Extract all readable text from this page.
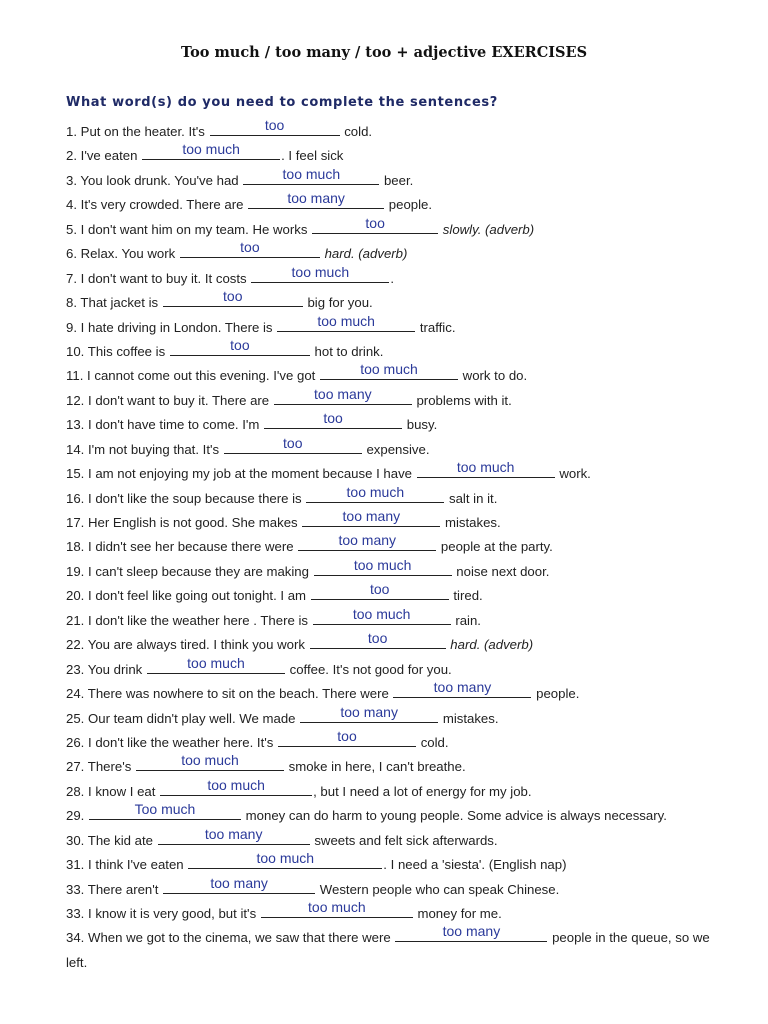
Too much / too many / too + adjective EXERCISES
What word(s) do you need to complete the sentences?
1. Put on the heater. It's	too	cold.
2. I've eaten	too much	. I feel sick
3. You look drunk. You've had	too much	beer.
4. It's very crowded. There are	too many	people.
5. I don't want him on my team. He works	too	slowly. (adverb)
6. Relax. You work	too	hard. (adverb)
7. I don't want to buy it. It costs	too much	.
8. That jacket is	too	big for you.
9. I hate driving in London. There is	too much	traffic.
10. This coffee is	too	hot to drink.
11. I cannot come out this evening. I've got	too much	work to do.
12. I don't want to buy it. There are	too many	problems with it.
13. I don't have time to come. I'm	too	busy.
14. I'm not buying that. It's	too	expensive.
15. I am not enjoying my job at the moment because I have	too much	work.
16. I don't like the soup because there is	too much	salt in it.
17. Her English is not good. She makes	too many	mistakes.
18. I didn't see her because there were	too many	people at the party.
19. I can't sleep because they are making	too much	noise next door.
20. I don't feel like going out tonight. I am	too	tired.
21. I don't like the weather here . There is	too much	rain.
22. You are always tired. I think you work	too	hard. (adverb)
23. You drink	too much	coffee. It's not good for you.
24. There was nowhere to sit on the beach. There were	too many	people.
25. Our team didn't play well. We made	too many	mistakes.
26. I don't like the weather here. It's	too	cold.
27. There's	too much	smoke in here, I can't breathe.
28. I know I eat	too much	, but I need a lot of energy for my job.
29.	Too much	money can do harm to young people. Some advice is always necessary.
30. The kid ate	too many	sweets and felt sick afterwards.
31. I think I've eaten	too much	. I need a 'siesta'. (English nap)
33. There aren't	too many	Western people who can speak Chinese.
33. I know it is very good, but it's	too much	money for me.
34. When we got to the cinema, we saw that there were	too many	people in the queue, so we left.
